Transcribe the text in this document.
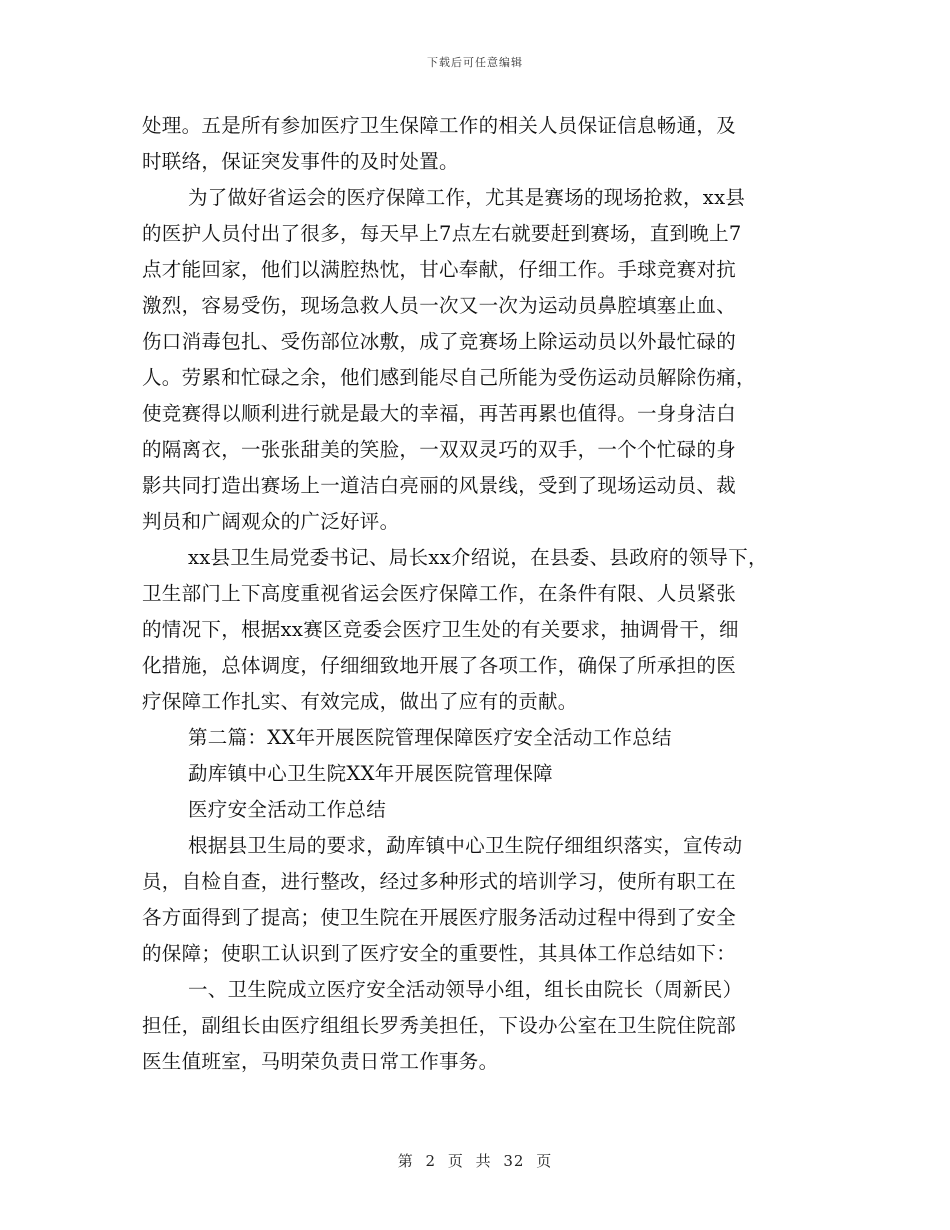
下载后可任意编辑
处理。五是所有参加医疗卫生保障工作的相关人员保证信息畅通，及
时联络，保证突发事件的及时处置。
为了做好省运会的医疗保障工作，尤其是赛场的现场抢救，xx县
的医护人员付出了很多，每天早上7点左右就要赶到赛场，直到晚上7
点才能回家，他们以满腔热忱，甘心奉献，仔细工作。手球竞赛对抗
激烈，容易受伤，现场急救人员一次又一次为运动员鼻腔填塞止血、
伤口消毒包扎、受伤部位冰敷，成了竞赛场上除运动员以外最忙碌的
人。劳累和忙碌之余，他们感到能尽自己所能为受伤运动员解除伤痛，
使竞赛得以顺利进行就是最大的幸福，再苦再累也值得。一身身洁白
的隔离衣，一张张甜美的笑脸，一双双灵巧的双手，一个个忙碌的身
影共同打造出赛场上一道洁白亮丽的风景线，受到了现场运动员、裁
判员和广阔观众的广泛好评。
xx县卫生局党委书记、局长xx介绍说，在县委、县政府的领导下，
卫生部门上下高度重视省运会医疗保障工作，在条件有限、人员紧张
的情况下，根据xx赛区竞委会医疗卫生处的有关要求，抽调骨干，细
化措施，总体调度，仔细细致地开展了各项工作，确保了所承担的医
疗保障工作扎实、有效完成，做出了应有的贡献。
第二篇：XX年开展医院管理保障医疗安全活动工作总结
勐库镇中心卫生院XX年开展医院管理保障
医疗安全活动工作总结
根据县卫生局的要求，勐库镇中心卫生院仔细组织落实，宣传动
员，自检自查，进行整改，经过多种形式的培训学习，使所有职工在
各方面得到了提高；使卫生院在开展医疗服务活动过程中得到了安全
的保障；使职工认识到了医疗安全的重要性，其具体工作总结如下：
一、卫生院成立医疗安全活动领导小组，组长由院长（周新民）
担任，副组长由医疗组组长罗秀美担任，下设办公室在卫生院住院部
医生值班室，马明荣负责日常工作事务。
第 2 页 共 32 页
